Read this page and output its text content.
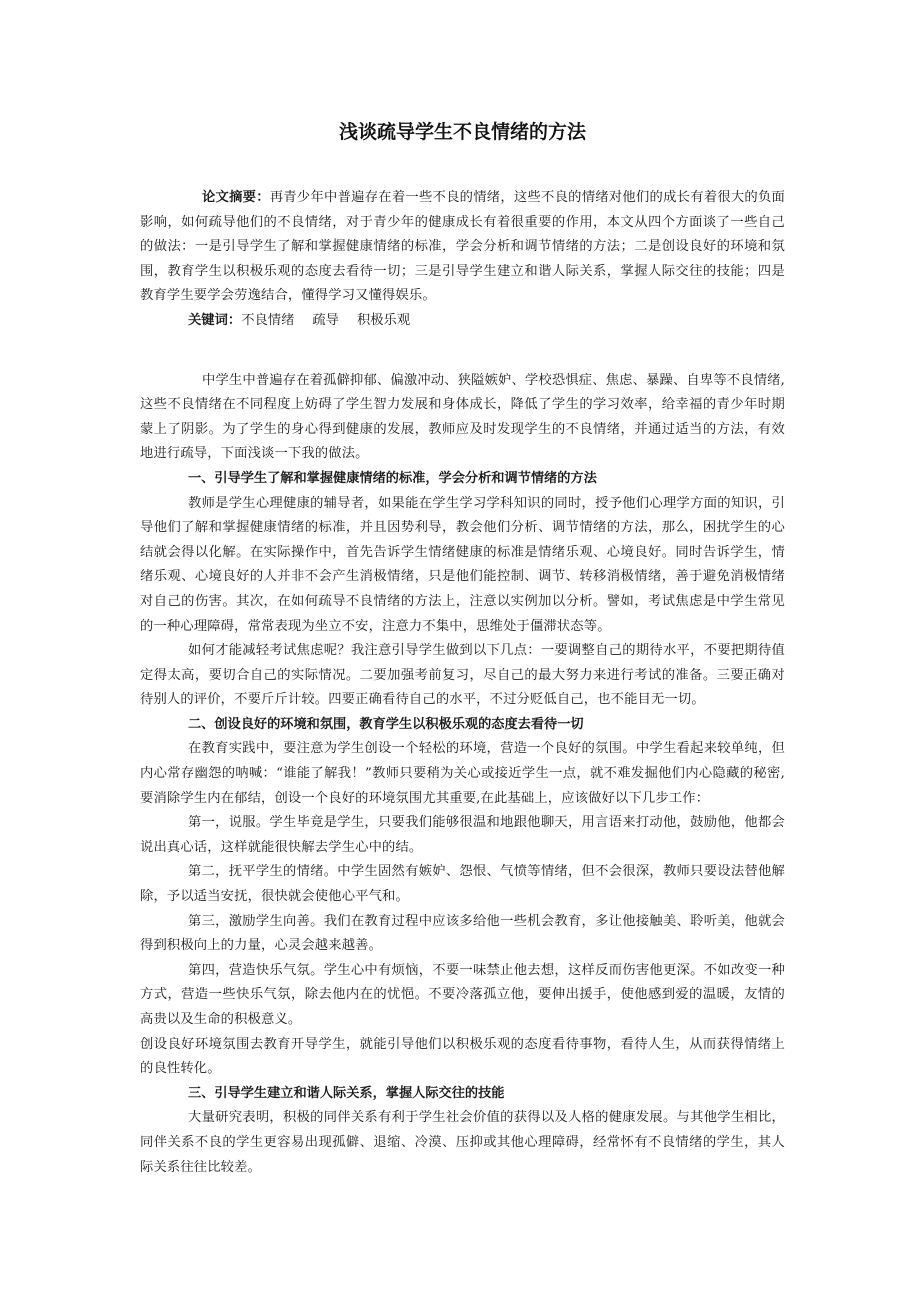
浅谈疏导学生不良情绪的方法

论文摘要：再青少年中普遍存在着一些不良的情绪，这些不良的情绪对他们的成长有着很大的负面影响，如何疏导他们的不良情绪，对于青少年的健康成长有着很重要的作用，本文从四个方面谈了一些自己的做法：一是引导学生了解和掌握健康情绪的标准，学会分析和调节情绪的方法；二是创设良好的环境和氛围，教育学生以积极乐观的态度去看待一切；三是引导学生建立和谐人际关系，掌握人际交往的技能；四是教育学生要学会劳逸结合，懂得学习又懂得娱乐。

关键词：不良情绪 疏导 积极乐观

中学生中普遍存在着孤僻抑郁、偏激冲动、狭隘嫉妒、学校恐惧症、焦虑、暴躁、自卑等不良情绪,这些不良情绪在不同程度上妨碍了学生智力发展和身体成长，降低了学生的学习效率，给幸福的青少年时期蒙上了阴影。为了学生的身心得到健康的发展，教师应及时发现学生的不良情绪，并通过适当的方法，有效地进行疏导，下面浅谈一下我的做法。

一、引导学生了解和掌握健康情绪的标准，学会分析和调节情绪的方法

教师是学生心理健康的辅导者，如果能在学生学习学科知识的同时，授予他们心理学方面的知识，引导他们了解和掌握健康情绪的标准，并且因势利导，教会他们分析、调节情绪的方法，那么，困扰学生的心结就会得以化解。在实际操作中，首先告诉学生情绪健康的标准是情绪乐观、心境良好。同时告诉学生，情绪乐观、心境良好的人并非不会产生消极情绪，只是他们能控制、调节、转移消极情绪，善于避免消极情绪对自己的伤害。其次，在如何疏导不良情绪的方法上，注意以实例加以分析。譬如，考试焦虑是中学生常见的一种心理障碍，常常表现为坐立不安，注意力不集中，思维处于僵滞状态等。

如何才能减轻考试焦虑呢？我注意引导学生做到以下几点：一要调整自己的期待水平，不要把期待值定得太高，要切合自己的实际情况。二要加强考前复习，尽自己的最大努力来进行考试的准备。三要正确对待别人的评价，不要斤斤计较。四要正确看待自己的水平，不过分贬低自己，也不能目无一切。

二、创设良好的环境和氛围，教育学生以积极乐观的态度去看待一切

在教育实践中，要注意为学生创设一个轻松的环境，营造一个良好的氛围。中学生看起来较单纯，但内心常存幽怨的呐喊：“谁能了解我！”教师只要稍为关心或接近学生一点，就不难发掘他们内心隐藏的秘密,要消除学生内在郁结，创设一个良好的环境氛围尤其重要,在此基础上，应该做好以下几步工作：

第一，说服。学生毕竟是学生，只要我们能够很温和地跟他聊天，用言语来打动他，鼓励他，他都会说出真心话，这样就能很快解去学生心中的结。

第二，抚平学生的情绪。中学生固然有嫉妒、怨恨、气愤等情绪，但不会很深，教师只要设法替他解除，予以适当安抚，很快就会使他心平气和。

第三，激励学生向善。我们在教育过程中应该多给他一些机会教育，多让他接触美、聆听美，他就会得到积极向上的力量，心灵会越来越善。

第四，营造快乐气氛。学生心中有烦恼，不要一味禁止他去想，这样反而伤害他更深。不如改变一种方式，营造一些快乐气氛，除去他内在的忧悒。不要冷落孤立他，要伸出援手，使他感到爱的温暖，友情的高贵以及生命的积极意义。

创设良好环境氛围去教育开导学生，就能引导他们以积极乐观的态度看待事物，看待人生，从而获得情绪上的良性转化。

三、引导学生建立和谐人际关系，掌握人际交往的技能

大量研究表明，积极的同伴关系有利于学生社会价值的获得以及人格的健康发展。与其他学生相比，同伴关系不良的学生更容易出现孤僻、退缩、冷漠、压抑或其他心理障碍，经常怀有不良情绪的学生，其人际关系往往比较差。
